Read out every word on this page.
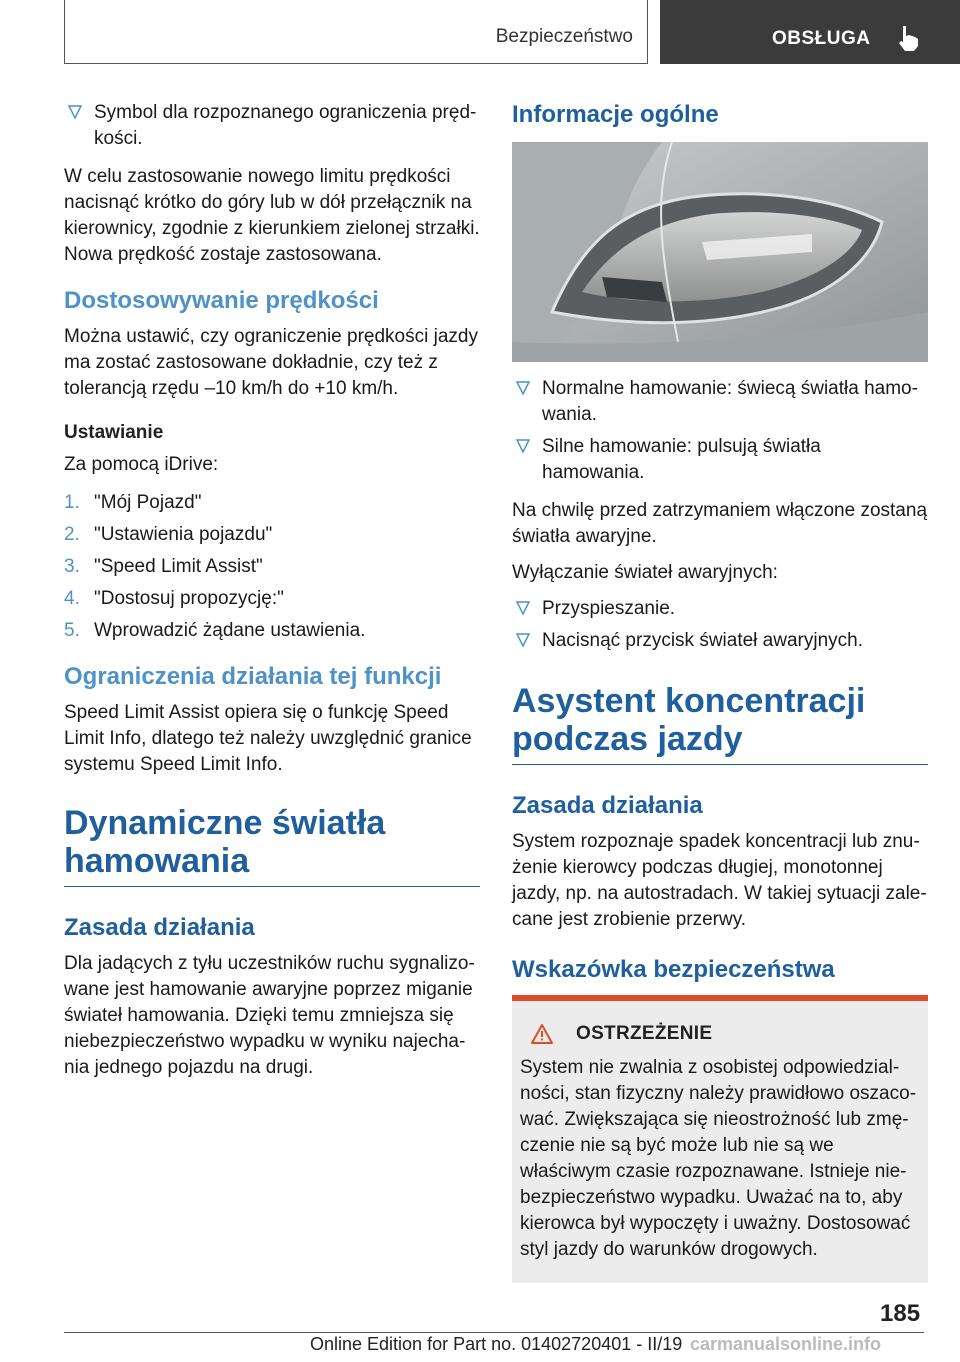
Bezpieczeństwo	OBSŁUGA
Symbol dla rozpoznanego ograniczenia prędkości.

W celu zastosowanie nowego limitu prędkości nacisnąć krótko do góry lub w dół przełącznik na kierownicy, zgodnie z kierunkiem zielonej strzałki. Nowa prędkość zostaje zastosowana.

Dostosowywanie prędkości

Można ustawić, czy ograniczenie prędkości jazdy ma zostać zastosowane dokładnie, czy też z tolerancją rzędu –10 km/h do +10 km/h.

Ustawianie

Za pomocą iDrive:

1. "Mój Pojazd"
2. "Ustawienia pojazdu"
3. "Speed Limit Assist"
4. "Dostosuj propozycję:"
5. Wprowadzić żądane ustawienia.
Ograniczenia działania tej funkcji

Speed Limit Assist opiera się o funkcję Speed Limit Info, dlatego też należy uwzględnić granice systemu Speed Limit Info.

Dynamiczne światła hamowania
Zasada działania

Dla jadących z tyłu uczestników ruchu sygnalizowane jest hamowanie awaryjne poprzez miganie świateł hamowania. Dzięki temu zmniejsza się niebezpieczeństwo wypadku w wyniku najechania jednego pojazdu na drugi.

Informacje ogólne
Normalne hamowanie: świecą światła hamowania.
Silne hamowanie: pulsują światła hamowania.

Na chwilę przed zatrzymaniem włączone zostaną światła awaryjne.

Wyłączanie świateł awaryjnych:

Przyspieszanie.
Nacisnąć przycisk świateł awaryjnych.
Asystent koncentracji podczas jazdy
Zasada działania

System rozpoznaje spadek koncentracji lub znużenie kierowcy podczas długiej, monotonnej jazdy, np. na autostradach. W takiej sytuacji zalecane jest zrobienie przerwy.

Wskazówka bezpieczeństwa
OSTRZEŻENIE

System nie zwalnia z osobistej odpowiedzialności, stan fizyczny należy prawidłowo oszacować. Zwiększająca się nieostrożność lub zmęczenie nie są być może lub nie są we właściwym czasie rozpoznawane. Istnieje niebezpieczeństwo wypadku. Uważać na to, aby kierowca był wypoczęty i uważny. Dostosować styl jazdy do warunków drogowych.

185
Online Edition for Part no. 01402720401 - II/19 carmanualsonline.info
